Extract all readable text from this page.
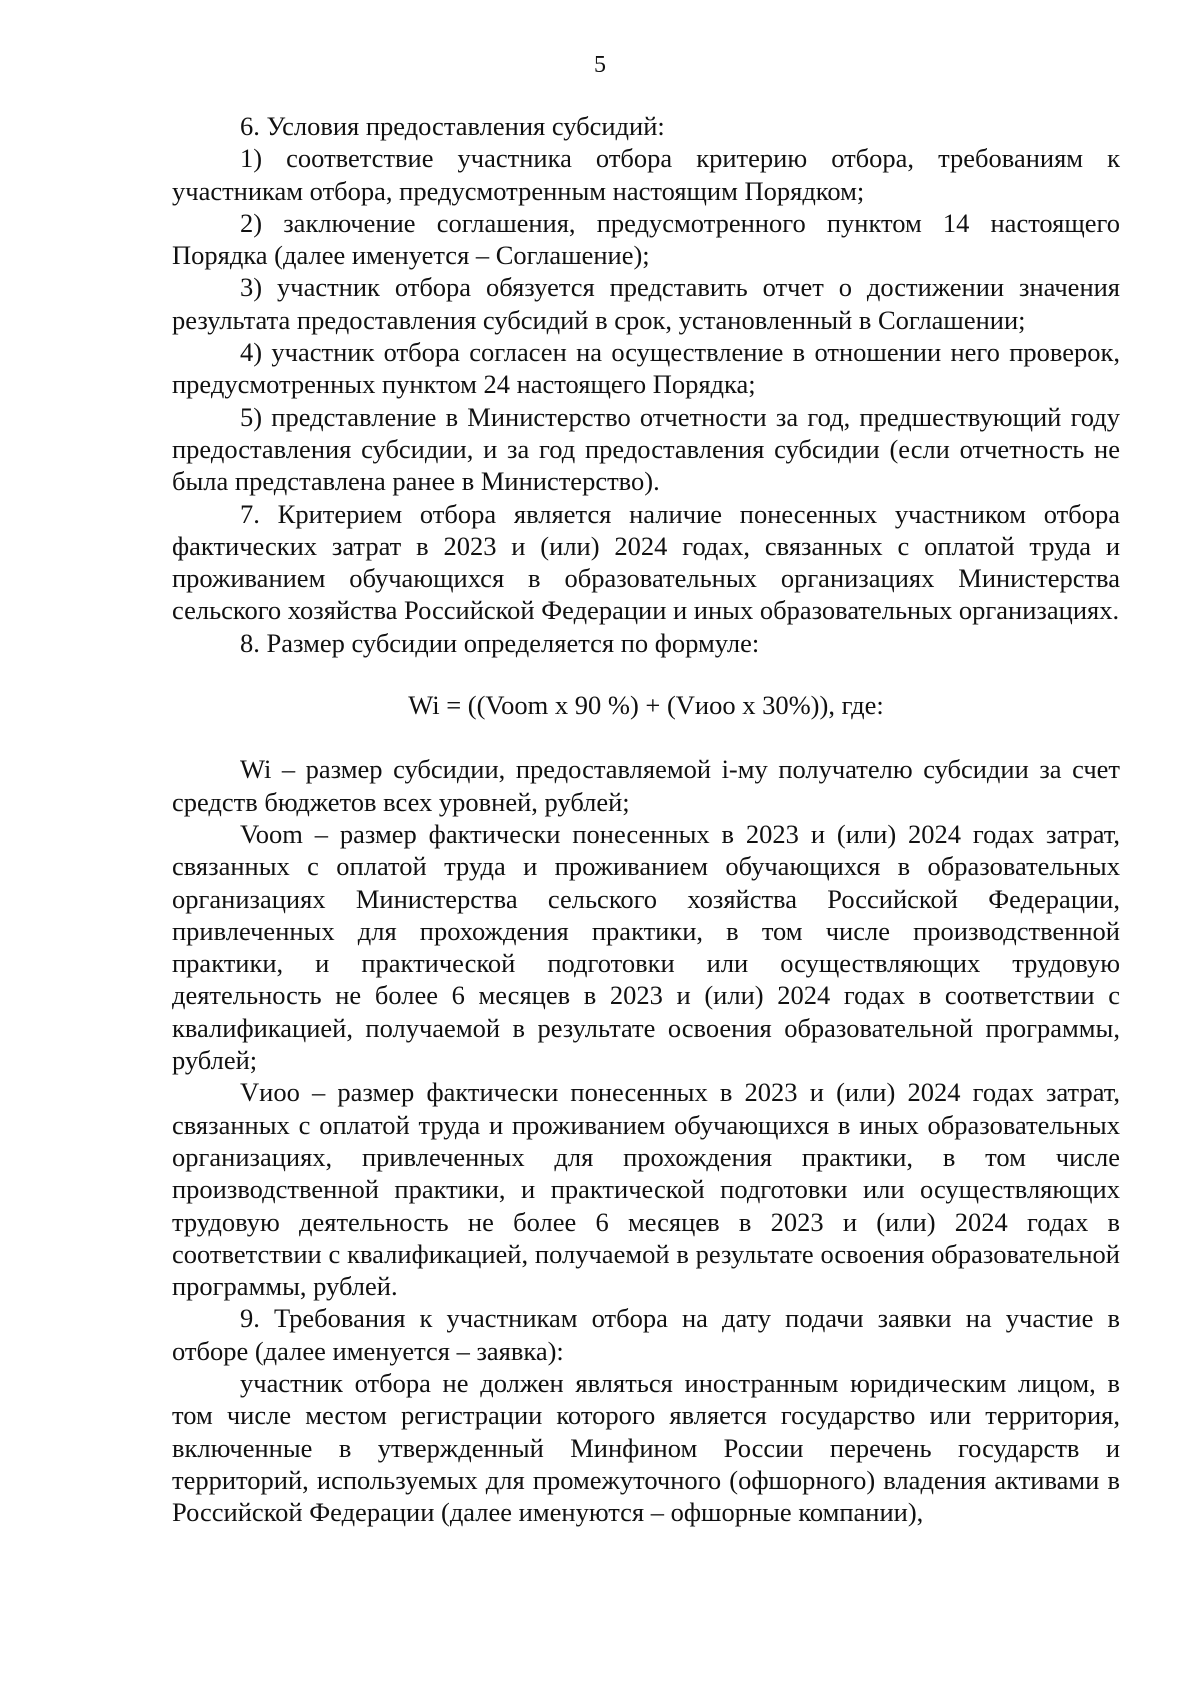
5

6. Условия предоставления субсидий:

1) соответствие участника отбора критерию отбора, требованиям к участникам отбора, предусмотренным настоящим Порядком;

2) заключение соглашения, предусмотренного пунктом 14 настоящего Порядка (далее именуется – Соглашение);

3) участник отбора обязуется представить отчет о достижении значения результата предоставления субсидий в срок, установленный в Соглашении;

4) участник отбора согласен на осуществление в отношении него проверок, предусмотренных пунктом 24 настоящего Порядка;

5) представление в Министерство отчетности за год, предшествующий году предоставления субсидии, и за год предоставления субсидии (если отчетность не была представлена ранее в Министерство).

7. Критерием отбора является наличие понесенных участником отбора фактических затрат в 2023 и (или) 2024 годах, связанных с оплатой труда и проживанием обучающихся в образовательных организациях Министерства сельского хозяйства Российской Федерации и иных образовательных организациях.

8. Размер субсидии определяется по формуле:

Wi = ((Voom x 90 %) + (Vиoo x 30%)), где:

Wi – размер субсидии, предоставляемой i-му получателю субсидии за счет средств бюджетов всех уровней, рублей;

Voom – размер фактически понесенных в 2023 и (или) 2024 годах затрат, связанных с оплатой труда и проживанием обучающихся в образовательных организациях Министерства сельского хозяйства Российской Федерации, привлеченных для прохождения практики, в том числе производственной практики, и практической подготовки или осуществляющих трудовую деятельность не более 6 месяцев в 2023 и (или) 2024 годах в соответствии с квалификацией, получаемой в результате освоения образовательной программы, рублей;

Vиoo – размер фактически понесенных в 2023 и (или) 2024 годах затрат, связанных с оплатой труда и проживанием обучающихся в иных образовательных организациях, привлеченных для прохождения практики, в том числе производственной практики, и практической подготовки или осуществляющих трудовую деятельность не более 6 месяцев в 2023 и (или) 2024 годах в соответствии с квалификацией, получаемой в результате освоения образовательной программы, рублей.

9. Требования к участникам отбора на дату подачи заявки на участие в отборе (далее именуется – заявка):

участник отбора не должен являться иностранным юридическим лицом, в том числе местом регистрации которого является государство или территория, включенные в утвержденный Минфином России перечень государств и территорий, используемых для промежуточного (офшорного) владения активами в Российской Федерации (далее именуются – офшорные компании),
